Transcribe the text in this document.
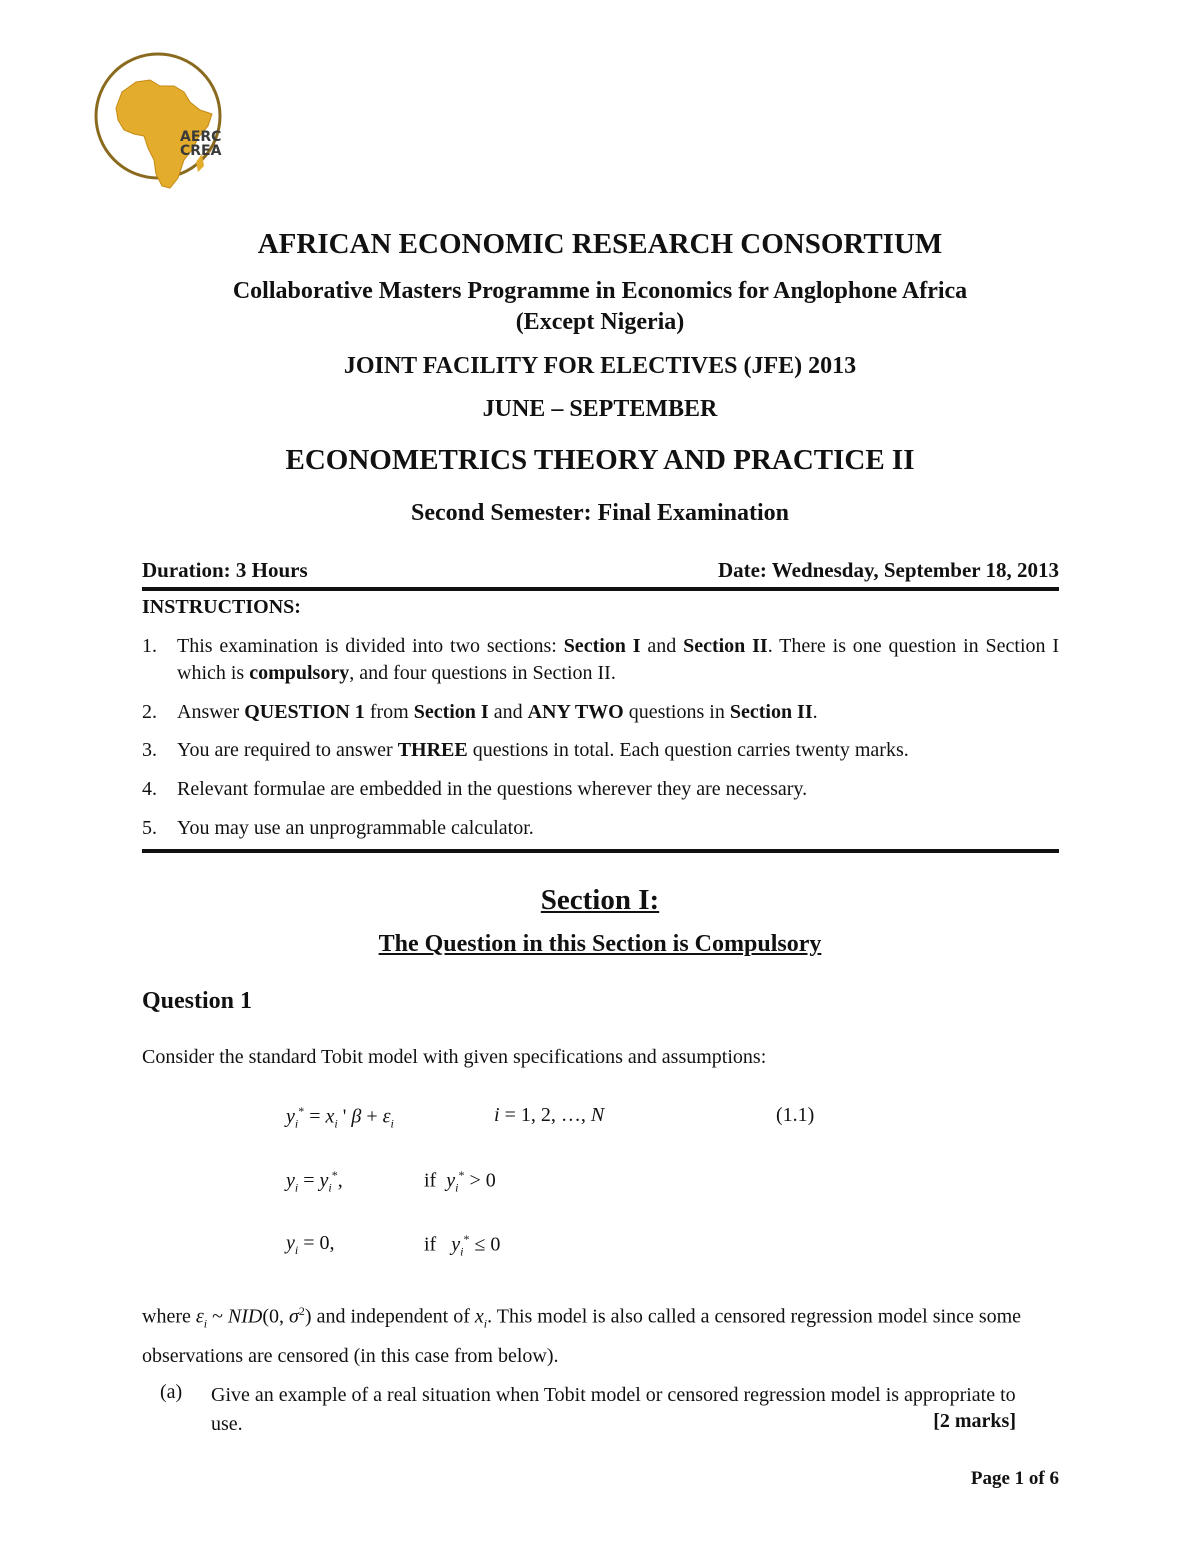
AERC
CREA
AFRICAN ECONOMIC RESEARCH CONSORTIUM
Collaborative Masters Programme in Economics for Anglophone Africa
(Except Nigeria)
JOINT FACILITY FOR ELECTIVES (JFE) 2013
JUNE – SEPTEMBER
ECONOMETRICS THEORY AND PRACTICE II
Second Semester: Final Examination
Duration: 3 Hours	Date: Wednesday, September 18, 2013
INSTRUCTIONS:
1. This examination is divided into two sections: Section I and Section II. There is one question in Section I which is compulsory, and four questions in Section II.
2. Answer QUESTION 1 from Section I and ANY TWO questions in Section II.
3. You are required to answer THREE questions in total. Each question carries twenty marks.
4. Relevant formulae are embedded in the questions wherever they are necessary.
5. You may use an unprogrammable calculator.
Section I:
The Question in this Section is Compulsory
Question 1
Consider the standard Tobit model with given specifications and assumptions:
$y_i^* = x_i$ ' $\beta + \varepsilon_i$	i = 1, 2, …, N	(1.1)
$y_i = y_i^*$,	if $y_i^* > 0$
$y_i = 0$,	if $y_i^* \le 0$
where $\varepsilon_i$ ~ NID(0, $\sigma^2$) and independent of $x_i$. This model is also called a censored regression model since some observations are censored (in this case from below).
(a) Give an example of a real situation when Tobit model or censored regression model is appropriate to use.	[2 marks]
Page 1 of 6
